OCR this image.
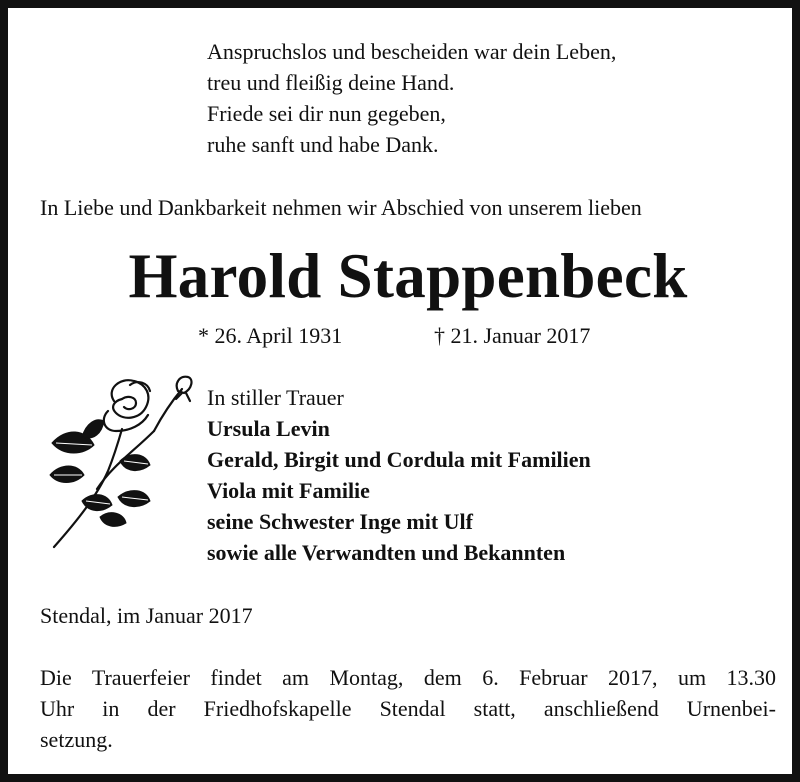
Anspruchslos und bescheiden war dein Leben,
treu und fleißig deine Hand.
Friede sei dir nun gegeben,
ruhe sanft und habe Dank.
In Liebe und Dankbarkeit nehmen wir Abschied von unserem lieben
Harold Stappenbeck
* 26. April 1931	† 21. Januar 2017
In stiller Trauer
Ursula Levin
Gerald, Birgit und Cordula mit Familien
Viola mit Familie
seine Schwester Inge mit Ulf
sowie alle Verwandten und Bekannten
Stendal, im Januar 2017
Die Trauerfeier findet am Montag, dem 6. Februar 2017, um 13.30
Uhr in der Friedhofskapelle Stendal statt, anschließend Urnenbei-
setzung.
